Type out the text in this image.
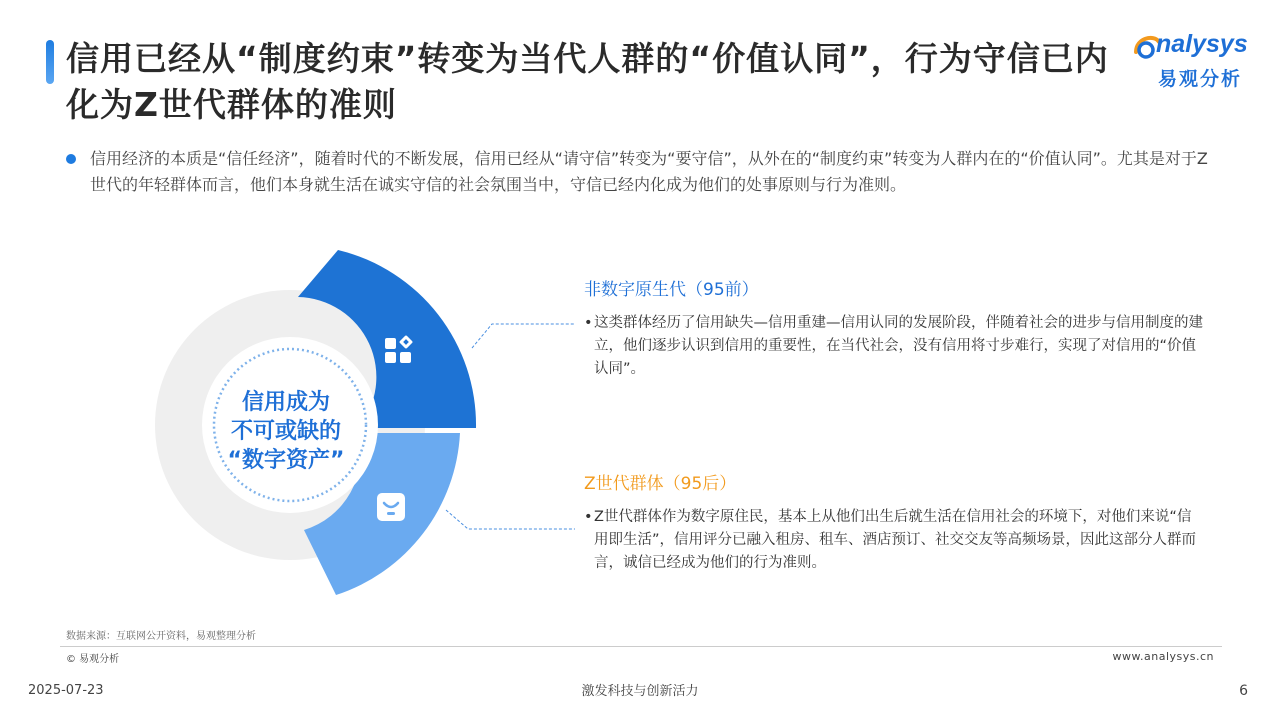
信用已经从“制度约束”转变为当代人群的“价值认同”，行为守信已内化为Z世代群体的准则
nalysys
易观分析

信用经济的本质是“信任经济”，随着时代的不断发展，信用已经从“请守信”转变为“要守信”，从外在的“制度约束”转变为人群内在的“价值认同”。尤其是对于Z世代的年轻群体而言，他们本身就生活在诚实守信的社会氛围当中，守信已经内化成为他们的处事原则与行为准则。

信用成为
不可或缺的
“数字资产”
非数字原生代（95前）
• 这类群体经历了信用缺失—信用重建—信用认同的发展阶段，伴随着社会的进步与信用制度的建立，他们逐步认识到信用的重要性，在当代社会，没有信用将寸步难行，实现了对信用的“价值认同”。
Z世代群体（95后）
• Z世代群体作为数字原住民，基本上从他们出生后就生活在信用社会的环境下，对他们来说“信用即生活”，信用评分已融入租房、租车、酒店预订、社交交友等高频场景，因此这部分人群而言，诚信已经成为他们的行为准则。
数据来源：互联网公开资料，易观整理分析
© 易观分析	www.analysys.cn
2025-07-23	激发科技与创新活力	6
